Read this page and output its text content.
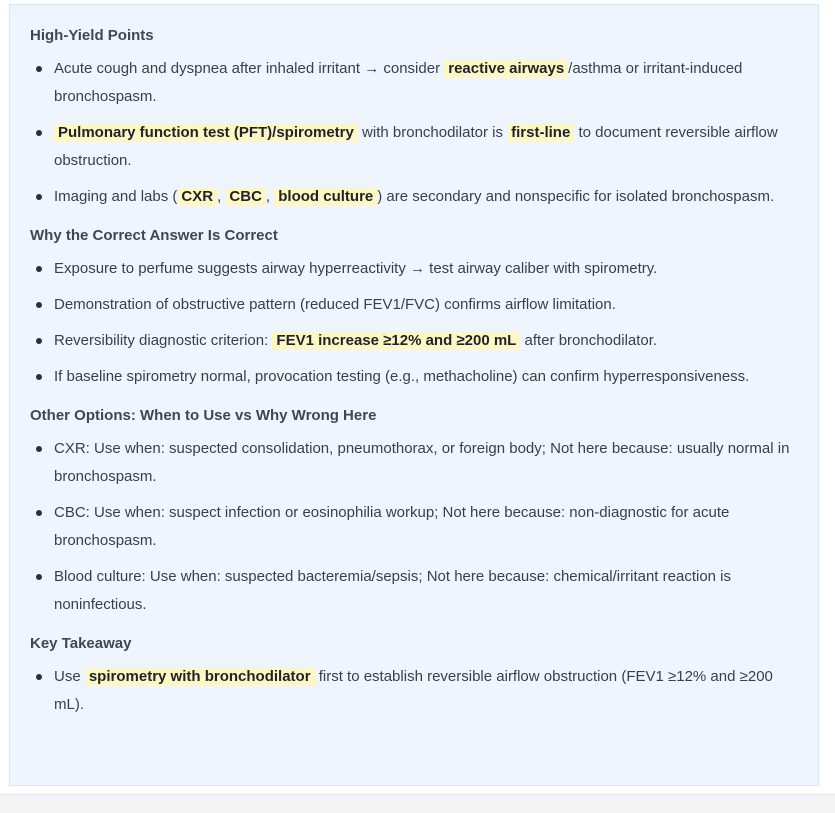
High-Yield Points
Acute cough and dyspnea after inhaled irritant → consider reactive airways /asthma or irritant-induced bronchospasm.
Pulmonary function test (PFT)/spirometry with bronchodilator is first-line to document reversible airflow obstruction.
Imaging and labs ( CXR , CBC , blood culture ) are secondary and nonspecific for isolated bronchospasm.
Why the Correct Answer Is Correct
Exposure to perfume suggests airway hyperreactivity → test airway caliber with spirometry.
Demonstration of obstructive pattern (reduced FEV1/FVC) confirms airflow limitation.
Reversibility diagnostic criterion: FEV1 increase ≥12% and ≥200 mL after bronchodilator.
If baseline spirometry normal, provocation testing (e.g., methacholine) can confirm hyperresponsiveness.
Other Options: When to Use vs Why Wrong Here
CXR: Use when: suspected consolidation, pneumothorax, or foreign body; Not here because: usually normal in bronchospasm.
CBC: Use when: suspect infection or eosinophilia workup; Not here because: non-diagnostic for acute bronchospasm.
Blood culture: Use when: suspected bacteremia/sepsis; Not here because: chemical/irritant reaction is noninfectious.
Key Takeaway
Use spirometry with bronchodilator first to establish reversible airflow obstruction (FEV1 ≥12% and ≥200 mL).
